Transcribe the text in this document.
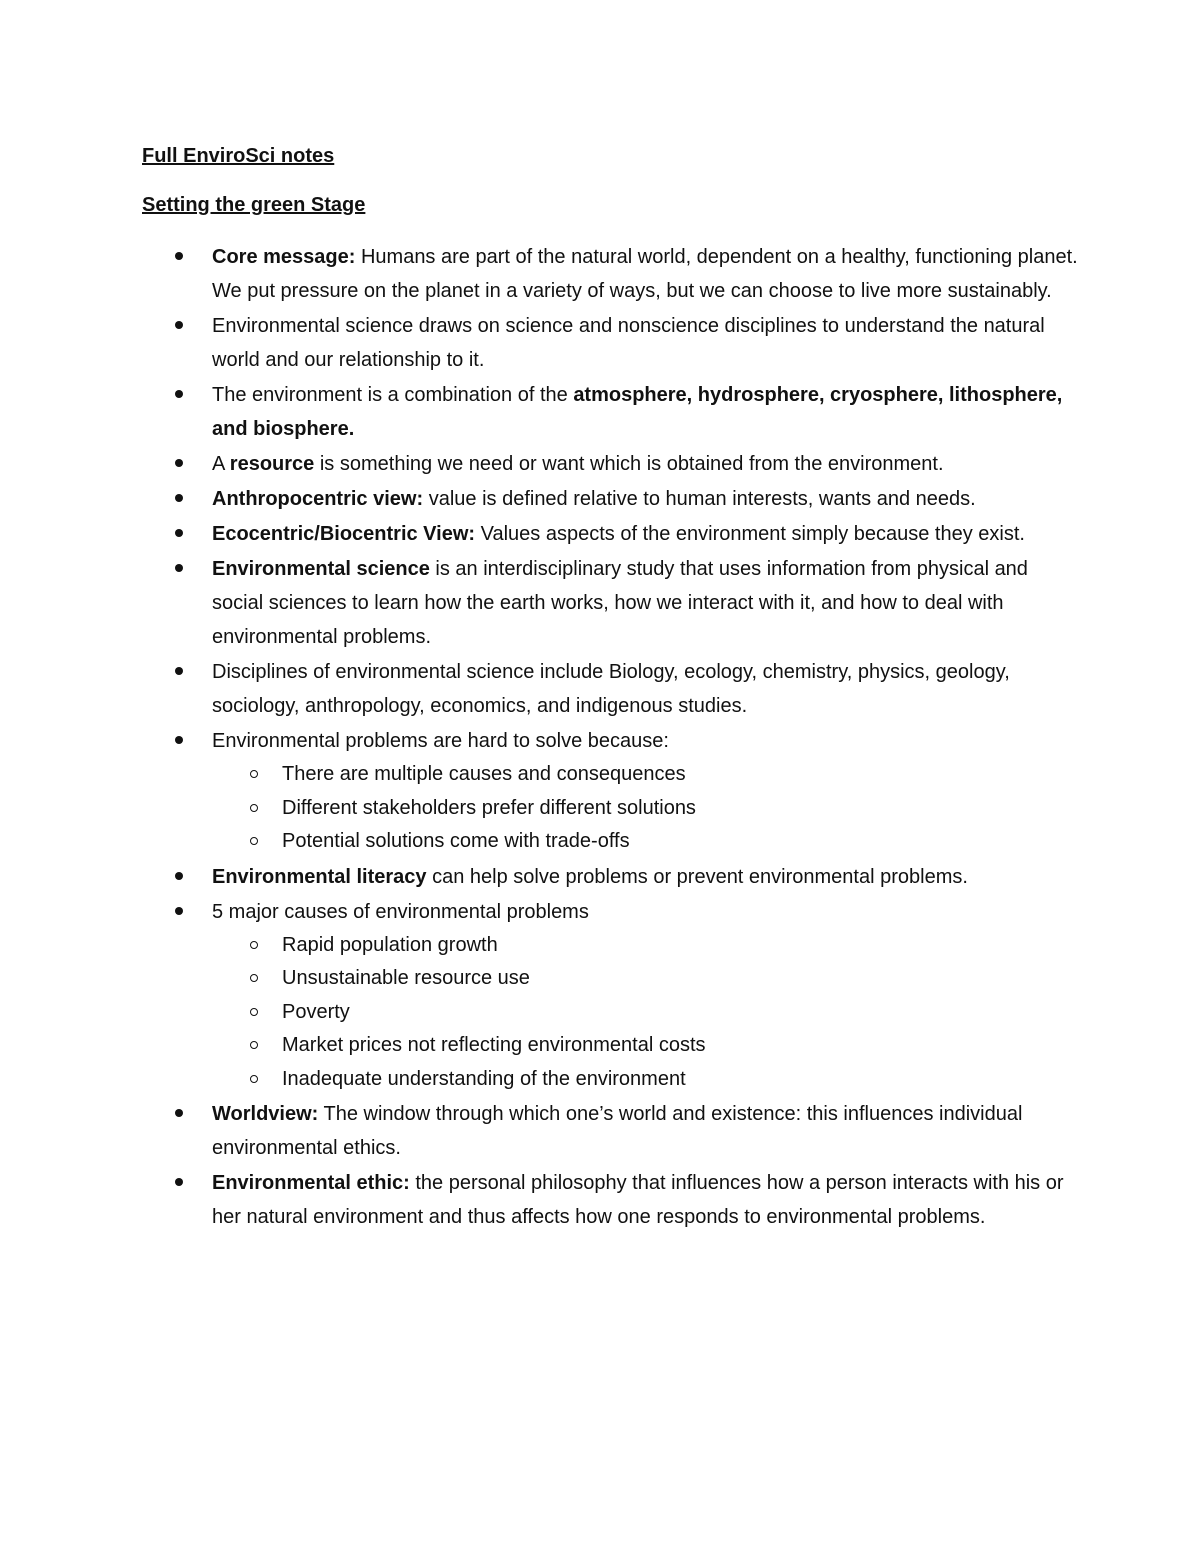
Full EnviroSci notes

Setting the green Stage

Core message: Humans are part of the natural world, dependent on a healthy, functioning planet. We put pressure on the planet in a variety of ways, but we can choose to live more sustainably.
Environmental science draws on science and nonscience disciplines to understand the natural world and our relationship to it.
The environment is a combination of the atmosphere, hydrosphere, cryosphere, lithosphere, and biosphere.
A resource is something we need or want which is obtained from the environment.
Anthropocentric view: value is defined relative to human interests, wants and needs.
Ecocentric/Biocentric View: Values aspects of the environment simply because they exist.
Environmental science is an interdisciplinary study that uses information from physical and social sciences to learn how the earth works, how we interact with it, and how to deal with environmental problems.
Disciplines of environmental science include Biology, ecology, chemistry, physics, geology, sociology, anthropology, economics, and indigenous studies.
Environmental problems are hard to solve because:
There are multiple causes and consequences
Different stakeholders prefer different solutions
Potential solutions come with trade-offs
Environmental literacy can help solve problems or prevent environmental problems.
5 major causes of environmental problems
Rapid population growth
Unsustainable resource use
Poverty
Market prices not reflecting environmental costs
Inadequate understanding of the environment
Worldview: The window through which one’s world and existence: this influences individual environmental ethics.
Environmental ethic: the personal philosophy that influences how a person interacts with his or her natural environment and thus affects how one responds to environmental problems.
